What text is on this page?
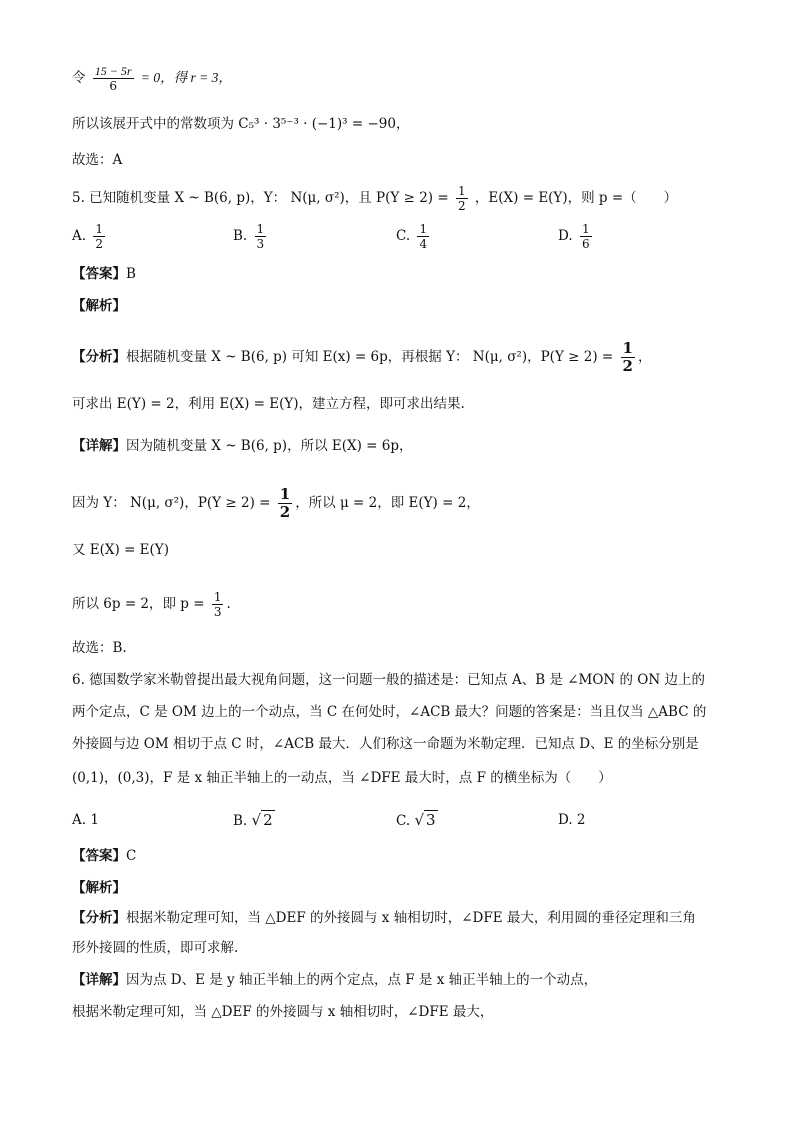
令 $\frac{15 - 5r}{6} = 0$，得 r = 3，
所以该展开式中的常数项为 C₅³ · 3⁵⁻³ · (−1)³ = −90，
故选：A
5. 已知随机变量 X ~ B(6, p)，Y： N(μ, σ²)，且 $P(Y \ge 2) = \frac{1}{2}$ ，E(X) = E(Y)，则 p =（　　）
A. $\frac{1}{2}$	B. $\frac{1}{3}$	C. $\frac{1}{4}$	D. $\frac{1}{6}$
【答案】B
【解析】
【分析】根据随机变量 X ~ B(6, p) 可知 E(x) = 6p，再根据 Y： N(μ, σ²)，$P(Y \ge 2) = \frac{1}{2}$ ，
可求出 E(Y) = 2，利用 E(X) = E(Y)，建立方程，即可求出结果.
【详解】因为随机变量 X ~ B(6, p)，所以 E(X) = 6p，
因为 Y： N(μ, σ²)，$P(Y \ge 2) = \frac{1}{2}$ ，所以 μ = 2，即 E(Y) = 2，
又 E(X) = E(Y)
所以 6p = 2，即 $p = \frac{1}{3}$ .
故选：B.
6. 德国数学家米勒曾提出最大视角问题，这一问题一般的描述是：已知点 A、B 是 ∠MON 的 ON 边上的
两个定点，C 是 OM 边上的一个动点，当 C 在何处时，∠ACB 最大？问题的答案是：当且仅当 △ABC 的
外接圆与边 OM 相切于点 C 时，∠ACB 最大．人们称这一命题为米勒定理．已知点 D、E 的坐标分别是
(0,1)，(0,3)，F 是 x 轴正半轴上的一动点，当 ∠DFE 最大时，点 F 的横坐标为（　　）
A. 1	B. √ 2	C. √ 3	D. 2
【答案】C
【解析】
【分析】根据米勒定理可知，当 △DEF 的外接圆与 x 轴相切时，∠DFE 最大，利用圆的垂径定理和三角
形外接圆的性质，即可求解.
【详解】因为点 D、E 是 y 轴正半轴上的两个定点，点 F 是 x 轴正半轴上的一个动点，
根据米勒定理可知，当 △DEF 的外接圆与 x 轴相切时，∠DFE 最大，
